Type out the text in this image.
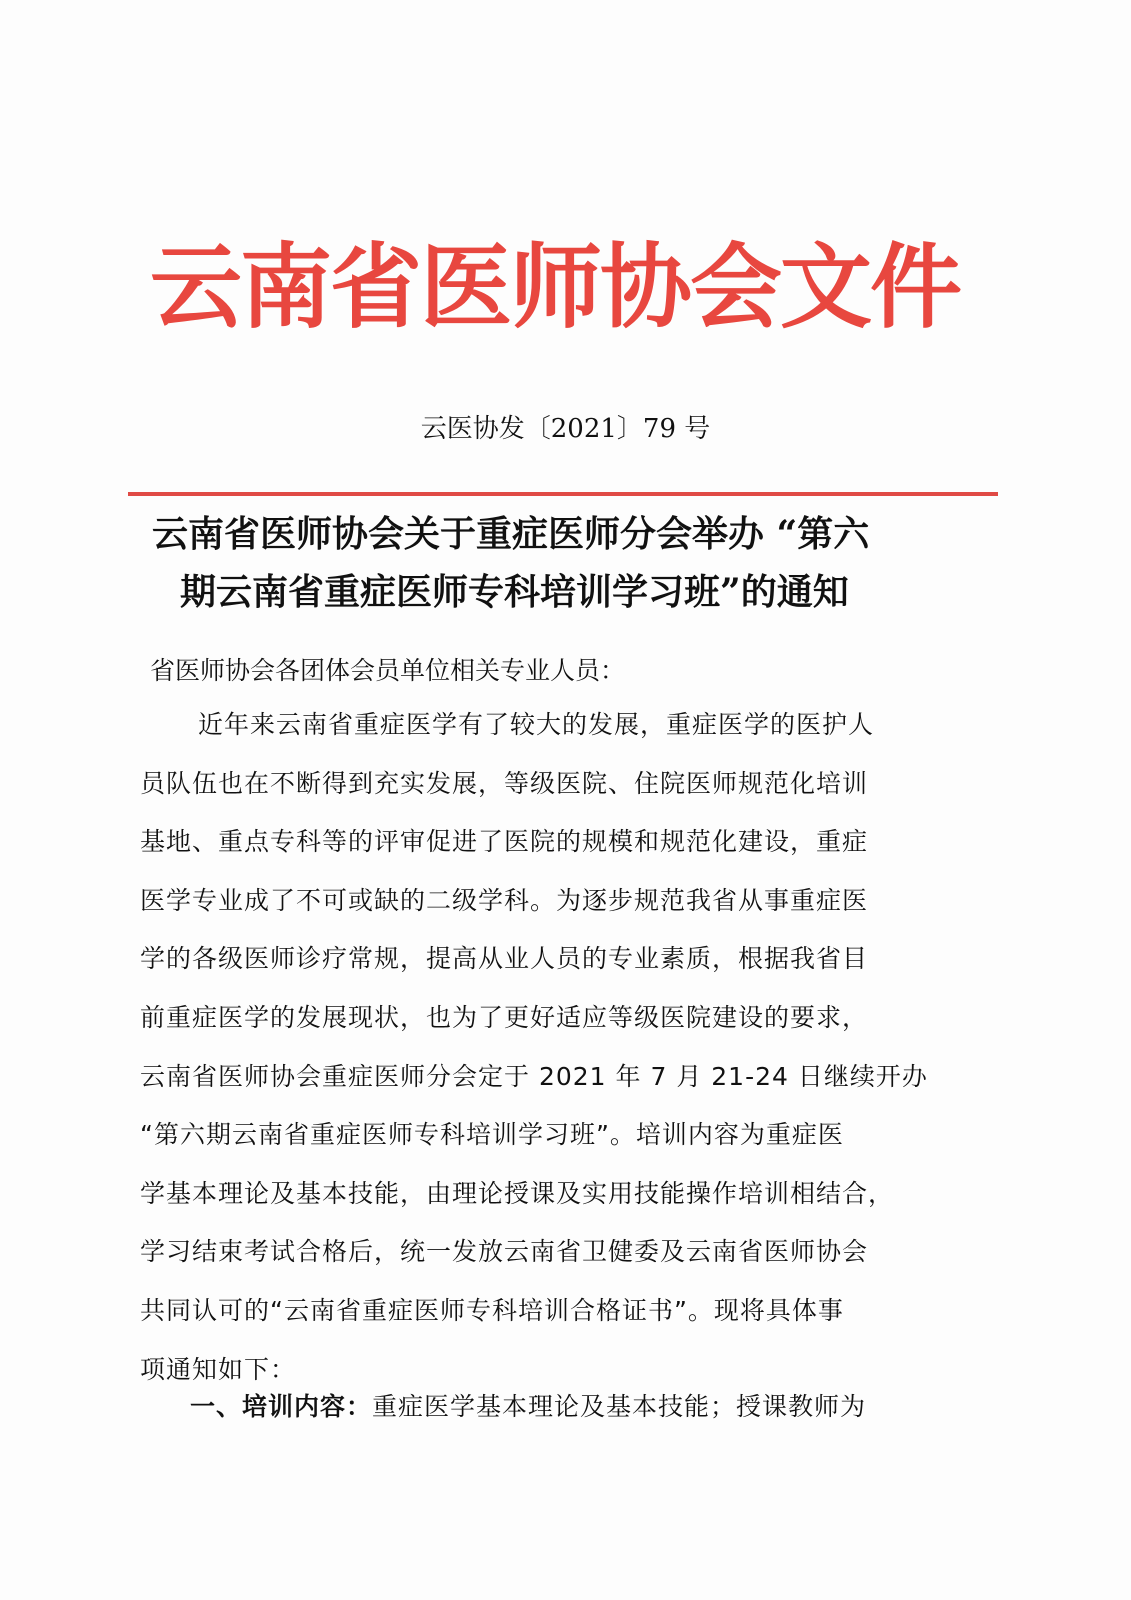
云南省医师协会文件
云医协发〔2021〕79 号
云南省医师协会关于重症医师分会举办 “第六
期云南省重症医师专科培训学习班”的通知
省医师协会各团体会员单位相关专业人员：
近年来云南省重症医学有了较大的发展，重症医学的医护人
员队伍也在不断得到充实发展，等级医院、住院医师规范化培训
基地、重点专科等的评审促进了医院的规模和规范化建设，重症
医学专业成了不可或缺的二级学科。为逐步规范我省从事重症医
学的各级医师诊疗常规，提高从业人员的专业素质，根据我省目
前重症医学的发展现状，也为了更好适应等级医院建设的要求，
云南省医师协会重症医师分会定于 2021 年 7 月 21-24 日继续开办
“第六期云南省重症医师专科培训学习班”。培训内容为重症医
学基本理论及基本技能，由理论授课及实用技能操作培训相结合，
学习结束考试合格后，统一发放云南省卫健委及云南省医师协会
共同认可的“云南省重症医师专科培训合格证书”。现将具体事
项通知如下：
一、培训内容：重症医学基本理论及基本技能；授课教师为
